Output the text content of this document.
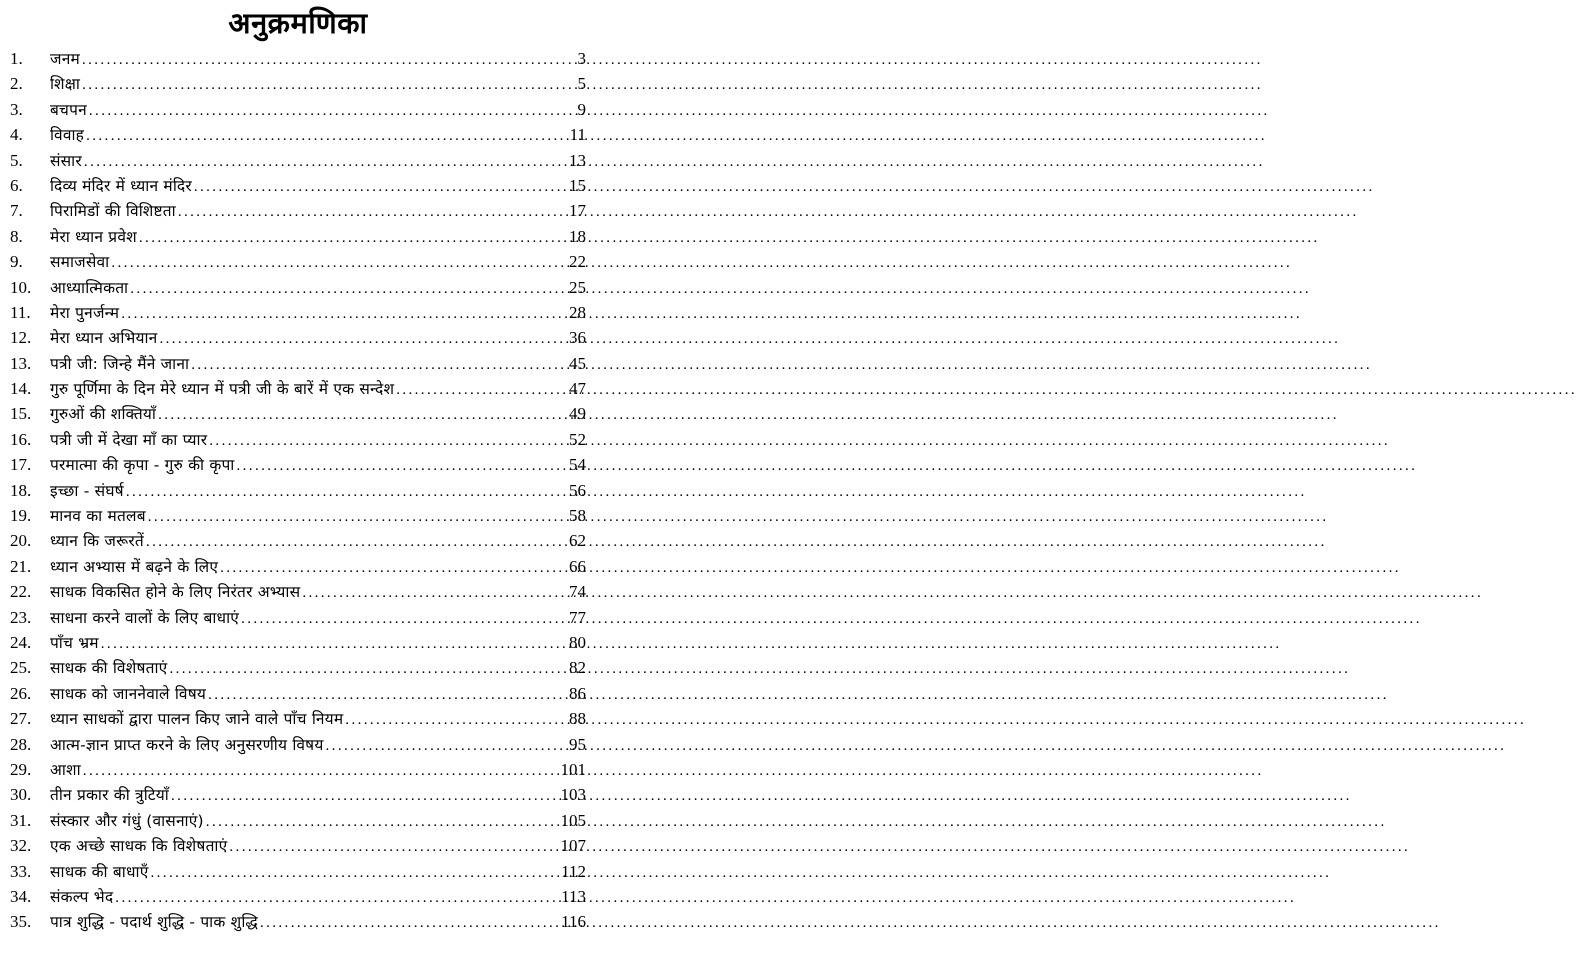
अनुक्रमणिका
1.	जनम .....	3
2.	शिक्षा .....	5
3.	बचपन .....	9
4.	विवाह .....	11
5.	संसार .....	13
6.	दिव्य मंदिर में ध्यान मंदिर .....	15
7.	पिरामिडों की विशिष्टता .....	17
8.	मेरा ध्यान प्रवेश .....	18
9.	समाजसेवा .....	22
10.	आध्यात्मिकता .....	25
11.	मेरा पुनर्जन्म .....	28
12.	मेरा ध्यान अभियान .....	36
13.	पत्री जी: जिन्हे मैंने जाना .....	45
14.	गुरु पूर्णिमा के दिन मेरे ध्यान में पत्री जी के बारें में एक सन्देश .....	47
15.	गुरुओं की शक्तियाँ .....	49
16.	पत्री जी में देखा माँ का प्यार .....	52
17.	परमात्मा की कृपा - गुरु की कृपा .....	54
18.	इच्छा - संघर्ष .....	56
19.	मानव का मतलब .....	58
20.	ध्यान कि जरूरतें .....	62
21.	ध्यान अभ्यास में बढ़ने के लिए .....	66
22.	साधक विकसित होने के लिए निरंतर अभ्यास .....	74
23.	साधना करने वालों के लिए बाधाएं .....	77
24.	पाँच भ्रम .....	80
25.	साधक की विशेषताएं .....	82
26.	साधक को जाननेवाले विषय .....	86
27.	ध्यान साधकों द्वारा पालन किए जाने वाले पाँच नियम .....	88
28.	आत्म-ज्ञान प्राप्त करने के लिए अनुसरणीय विषय .....	95
29.	आशा .....	101
30.	तीन प्रकार की त्रुटियाँ .....	103
31.	संस्कार और गंधुं (वासनाएं) .....	105
32.	एक अच्छे साधक कि विशेषताएं .....	107
33.	साधक की बाधाएँ .....	112
34.	संकल्प भेद .....	113
35.	पात्र शुद्धि - पदार्थ शुद्धि - पाक शुद्धि .....	116
